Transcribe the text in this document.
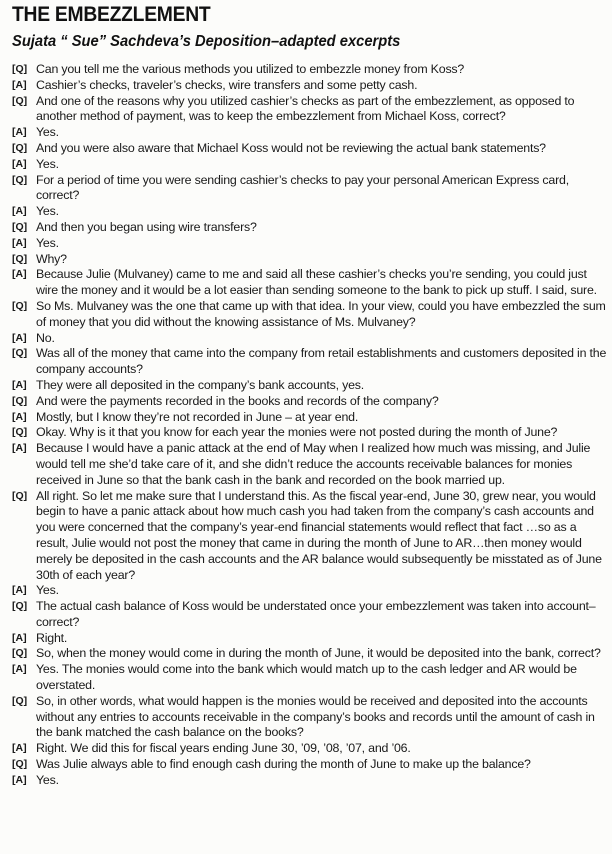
THE EMBEZZLEMENT
Sujata “ Sue” Sachdeva’s Deposition–adapted excerpts
[Q] Can you tell me the various methods you utilized to embezzle money from Koss?
[A] Cashier’s checks, traveler’s checks, wire transfers and some petty cash.
[Q] And one of the reasons why you utilized cashier’s checks as part of the embezzlement, as opposed to another method of payment, was to keep the embezzlement from Michael Koss, correct?
[A] Yes.
[Q] And you were also aware that Michael Koss would not be reviewing the actual bank statements?
[A] Yes.
[Q] For a period of time you were sending cashier’s checks to pay your personal American Express card, correct?
[A] Yes.
[Q] And then you began using wire transfers?
[A] Yes.
[Q] Why?
[A] Because Julie (Mulvaney) came to me and said all these cashier’s checks you’re sending, you could just wire the money and it would be a lot easier than sending someone to the bank to pick up stuff. I said, sure.
[Q] So Ms. Mulvaney was the one that came up with that idea. In your view, could you have embezzled the sum of money that you did without the knowing assistance of Ms. Mulvaney?
[A] No.
[Q] Was all of the money that came into the company from retail establishments and customers deposited in the company accounts?
[A] They were all deposited in the company’s bank accounts, yes.
[Q] And were the payments recorded in the books and records of the company?
[A] Mostly, but I know they’re not recorded in June – at year end.
[Q] Okay. Why is it that you know for each year the monies were not posted during the month of June?
[A] Because I would have a panic attack at the end of May when I realized how much was missing, and Julie would tell me she’d take care of it, and she didn’t reduce the accounts receivable balances for monies received in June so that the bank cash in the bank and recorded on the book married up.
[Q] All right. So let me make sure that I understand this. As the fiscal year-end, June 30, grew near, you would begin to have a panic attack about how much cash you had taken from the company’s cash accounts and you were concerned that the company’s year-end financial statements would reflect that fact …so as a result, Julie would not post the money that came in during the month of June to AR…then money would merely be deposited in the cash accounts and the AR balance would subsequently be misstated as of June 30th of each year?
[A] Yes.
[Q] The actual cash balance of Koss would be understated once your embezzlement was taken into account–correct?
[A] Right.
[Q] So, when the money would come in during the month of June, it would be deposited into the bank, correct?
[A] Yes. The monies would come into the bank which would match up to the cash ledger and AR would be overstated.
[Q] So, in other words, what would happen is the monies would be received and deposited into the accounts without any entries to accounts receivable in the company’s books and records until the amount of cash in the bank matched the cash balance on the books?
[A] Right. We did this for fiscal years ending June 30, ’09, ’08, ’07, and ’06.
[Q] Was Julie always able to find enough cash during the month of June to make up the balance?
[A] Yes.
